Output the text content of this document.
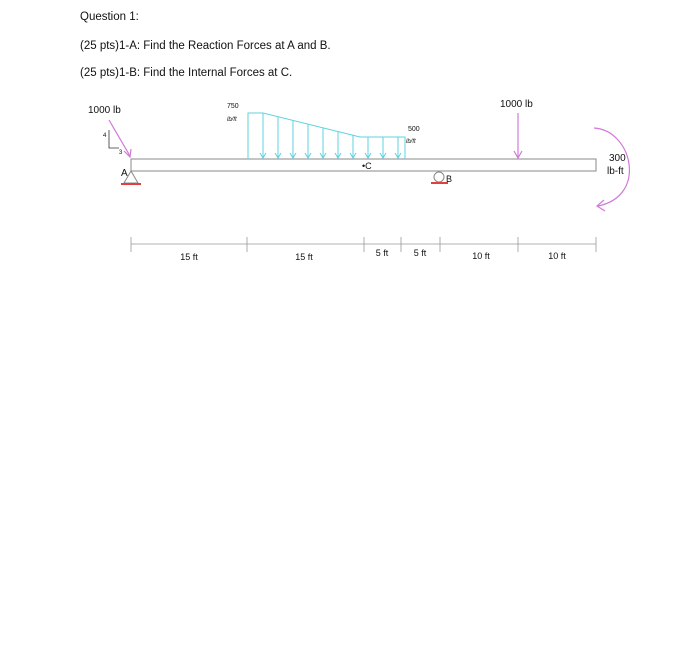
Question 1:

(25 pts)1-A: Find the Reaction Forces at A and B.

(25 pts)1-B: Find the Internal Forces at C.

1000 lb
4
3
A
750
lb/ft
500
lb/ft
•C
B
1000 lb
300
lb-ft
15 ft	15 ft	5 ft	5 ft	10 ft	10 ft
